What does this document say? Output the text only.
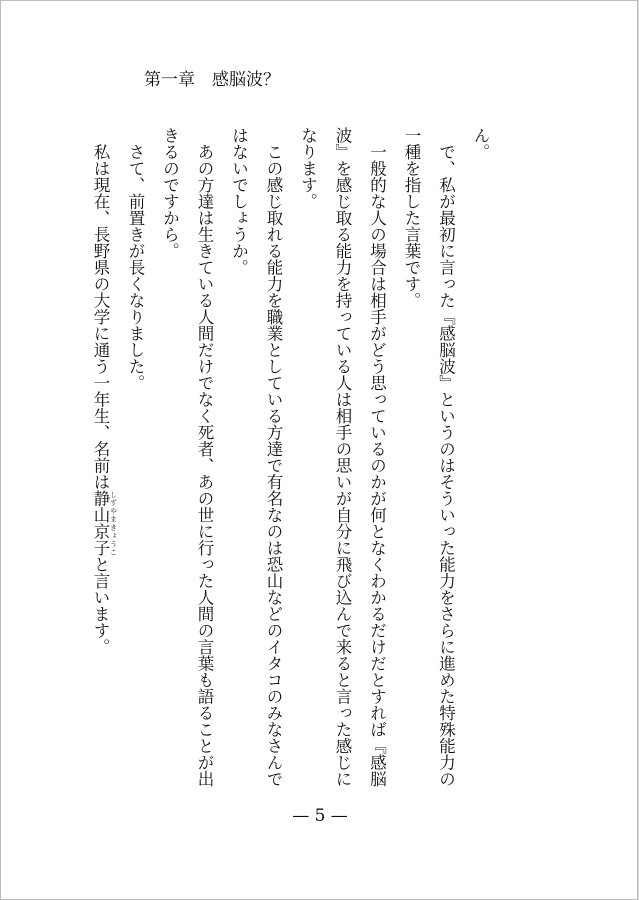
第一章　感脳波？

ん。

　で、私が最初に言った『感脳波』というのはそういった能力をさらに進めた特殊能力の一種を指した言葉です。

　一般的な人の場合は相手がどう思っているのかが何となくわかるだけだとすれば『感脳波』を感じ取る能力を持っている人は相手の思いが自分に飛び込んで来ると言った感じになります。

　この感じ取れる能力を職業としている方達で有名なのは恐山などのイタコのみなさんではないでしょうか。

　あの方達は生きている人間だけでなく死者、あの世に行った人間の言葉も語ることが出きるのですから。

　さて、前置きが長くなりました。

　私は現在、長野県の大学に通う一年生、名前は静山京子 しずやまきょうこと言います。

— 5 —
